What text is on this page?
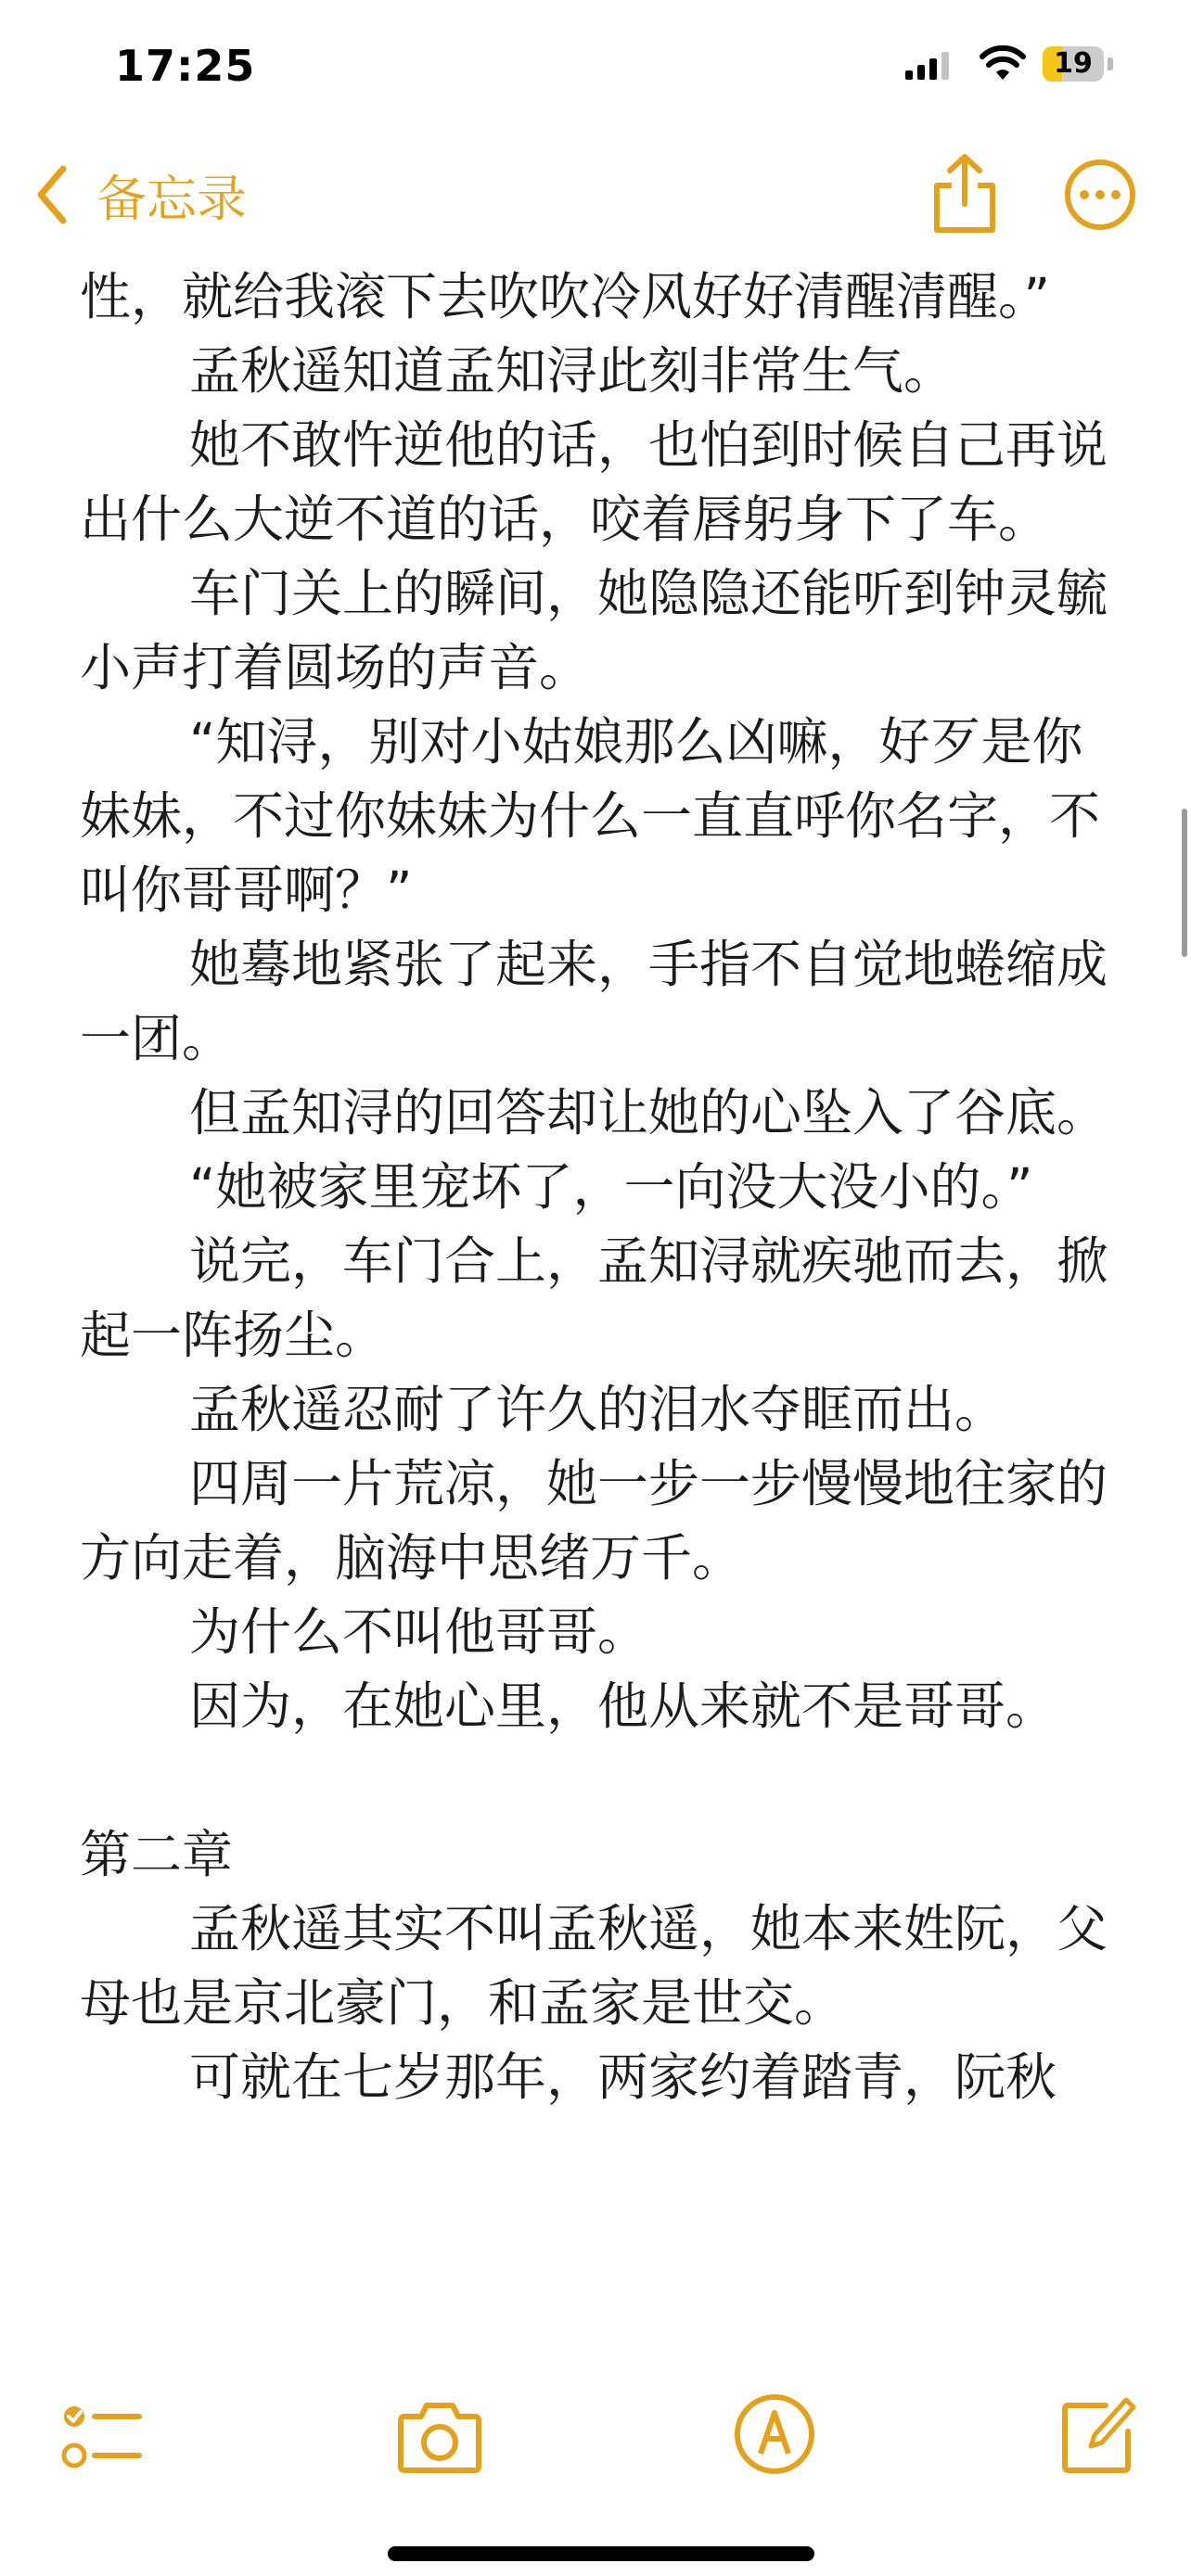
17:25	19
备忘录

性，就给我滚下去吹吹冷风好好清醒清醒。”

孟秋遥知道孟知浔此刻非常生气。

她不敢忤逆他的话，也怕到时候自己再说出什么大逆不道的话，咬着唇躬身下了车。

车门关上的瞬间，她隐隐还能听到钟灵毓小声打着圆场的声音。

“知浔，别对小姑娘那么凶嘛，好歹是你妹妹，不过你妹妹为什么一直直呼你名字，不叫你哥哥啊？”

她蓦地紧张了起来，手指不自觉地蜷缩成一团。

但孟知浔的回答却让她的心坠入了谷底。

“她被家里宠坏了，一向没大没小的。”

说完，车门合上，孟知浔就疾驰而去，掀起一阵扬尘。

孟秋遥忍耐了许久的泪水夺眶而出。

四周一片荒凉，她一步一步慢慢地往家的方向走着，脑海中思绪万千。

为什么不叫他哥哥。

因为，在她心里，他从来就不是哥哥。

第二章

孟秋遥其实不叫孟秋遥，她本来姓阮，父母也是京北豪门，和孟家是世交。

可就在七岁那年，两家约着踏青，阮秋
